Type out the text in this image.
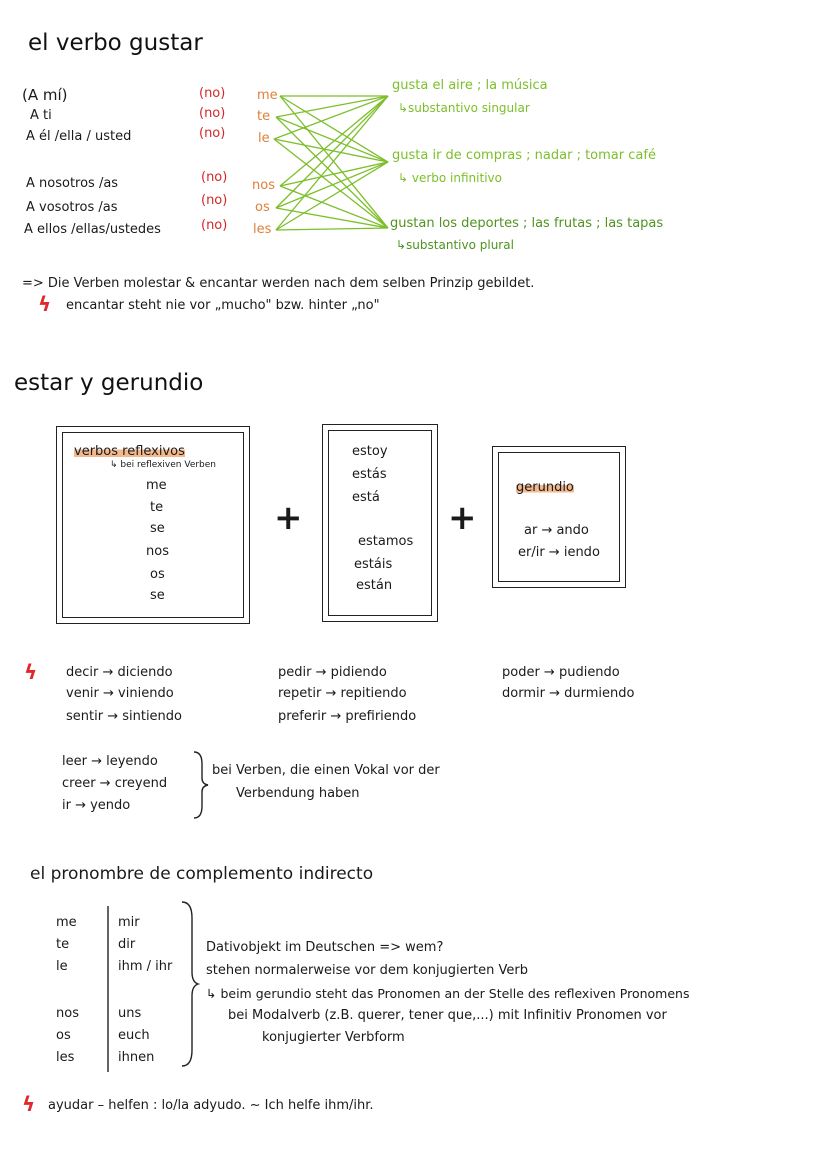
el verbo gustar
(A mí)
A ti
A él /ella / usted
A nosotros /as
A vosotros /as
A ellos /ellas/ustedes
(no)
(no)
(no)
(no)
(no)
(no)
me
te
le
nos
os
les
gusta el aire ; la música
↳substantivo singular
gusta ir de compras ; nadar ; tomar café
↳ verbo infinitivo
gustan los deportes ; las frutas ; las tapas
↳substantivo plural
=> Die Verben molestar & encantar werden nach dem selben Prinzip gebildet.
ϟ encantar steht nie vor „mucho" bzw. hinter „no"
estar y gerundio
verbos reflexivos
↳ bei reflexiven Verben
me
te
se
nos
os
se
+
estoy
estás
está
estamos
estáis
están
+
gerundio
ar → ando
er/ir → iendo
ϟ decir → diciendo
venir → viniendo
sentir → sintiendo
pedir → pidiendo
repetir → repitiendo
preferir → prefiriendo
poder → pudiendo
dormir → durmiendo
leer → leyendo
creer → creyend
ir → yendo
bei Verben, die einen Vokal vor der
Verbendung haben
el pronombre de complemento indirecto
me
te
le
nos
os
les
mir
dir
ihm / ihr
uns
euch
ihnen
Dativobjekt im Deutschen => wem?
stehen normalerweise vor dem konjugierten Verb
↳ beim gerundio steht das Pronomen an der Stelle des reflexiven Pronomens
bei Modalverb (z.B. querer, tener que,...) mit Infinitiv Pronomen vor
konjugierter Verbform
ϟ ayudar – helfen : lo/la adyudo. ~ Ich helfe ihm/ihr.
